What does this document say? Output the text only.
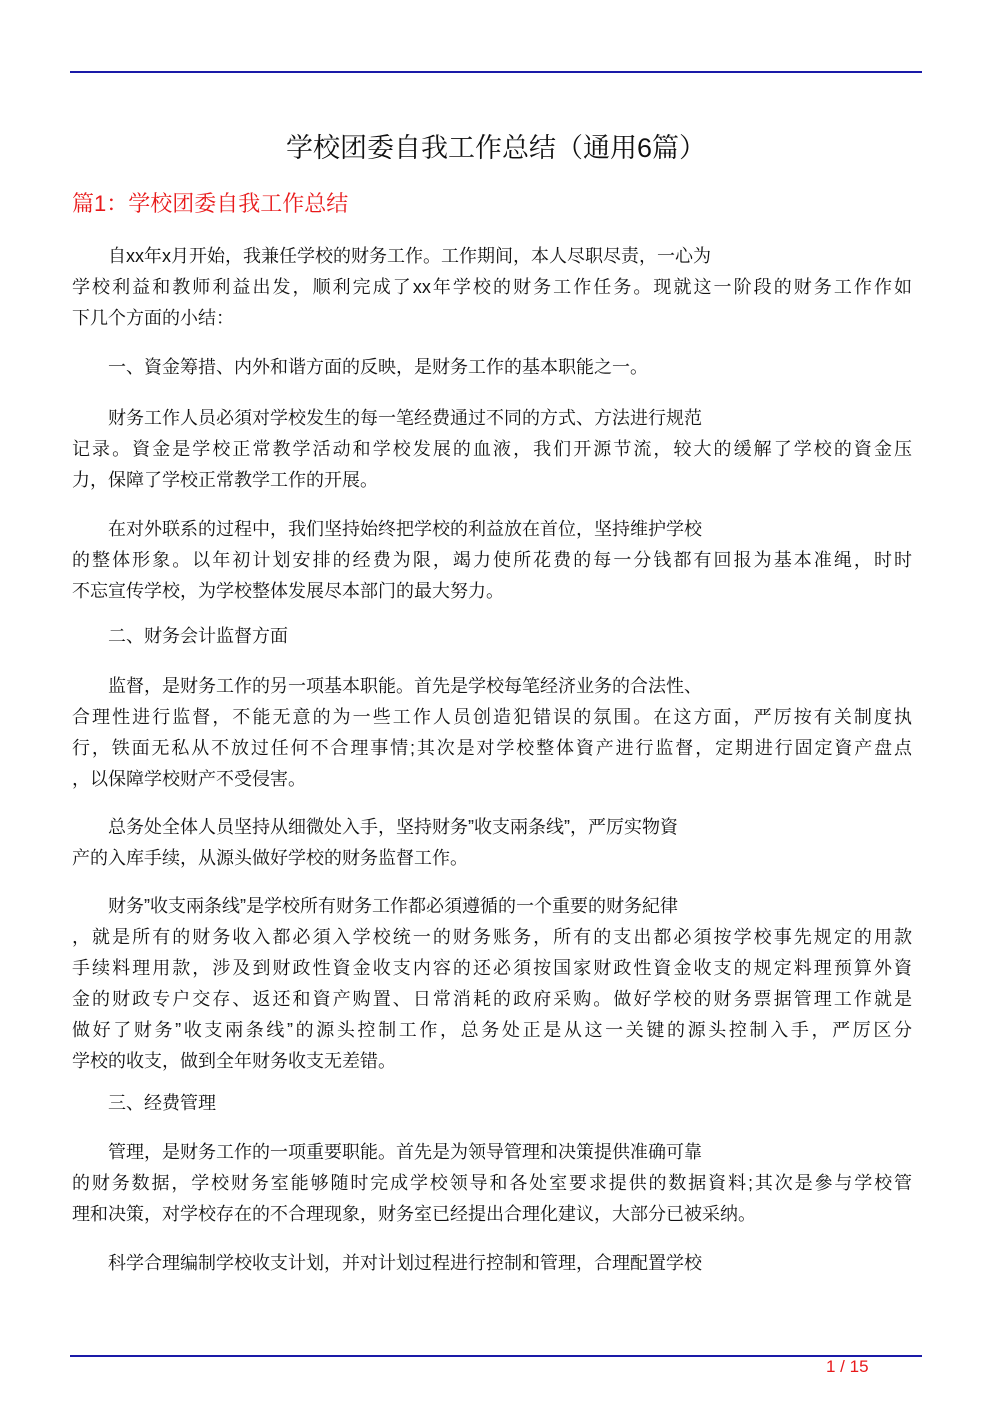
学校团委自我工作总结（通用6篇）
篇1：学校团委自我工作总结
自xx年x月开始，我兼任学校的财务工作。工作期间，本人尽职尽责，一心为
学校利益和教师利益出发，顺利完成了xx年学校的财务工作任务。现就这一阶段的财务工作作如
下几个方面的小结：
一、資金筹措、内外和谐方面的反映，是财务工作的基本职能之一。
财务工作人员必須对学校发生的每一笔经费通过不同的方式、方法进行规范
记录。資金是学校正常教学活动和学校发展的血液，我们开源节流，较大的缓解了学校的資金压
力，保障了学校正常教学工作的开展。
在对外联系的过程中，我们坚持始终把学校的利益放在首位，坚持维护学校
的整体形象。以年初计划安排的经费为限，竭力使所花费的每一分钱都有回报为基本准绳，时时
不忘宣传学校，为学校整体发展尽本部门的最大努力。
二、财务会计监督方面
监督，是财务工作的另一项基本职能。首先是学校每笔经济业务的合法性、
合理性进行监督，不能无意的为一些工作人员创造犯错误的氛围。在这方面，严厉按有关制度执
行，铁面无私从不放过任何不合理事情;其次是对学校整体資产进行监督，定期进行固定資产盘点
，以保障学校财产不受侵害。
总务处全体人员坚持从细微处入手，坚持财务”收支兩条线”，严厉实物資
产的入库手续，从源头做好学校的财务监督工作。
财务”收支兩条线”是学校所有财务工作都必須遵循的一个重要的财务紀律
，就是所有的财务收入都必須入学校统一的财务账务，所有的支出都必須按学校事先规定的用款
手续料理用款，涉及到财政性資金收支内容的还必須按国家财政性資金收支的规定料理预算外資
金的财政专户交存、返还和資产购置、日常消耗的政府采购。做好学校的财务票据管理工作就是
做好了财务”收支兩条线”的源头控制工作，总务处正是从这一关键的源头控制入手，严厉区分
学校的收支，做到全年财务收支无差错。
三、经费管理
管理，是财务工作的一项重要职能。首先是为领导管理和决策提供准确可靠
的财务数据，学校财务室能够随时完成学校领导和各处室要求提供的数据資料;其次是參与学校管
理和决策，对学校存在的不合理现象，财务室已经提出合理化建议，大部分已被采纳。
科学合理编制学校收支计划，并对计划过程进行控制和管理，合理配置学校
1 / 15
